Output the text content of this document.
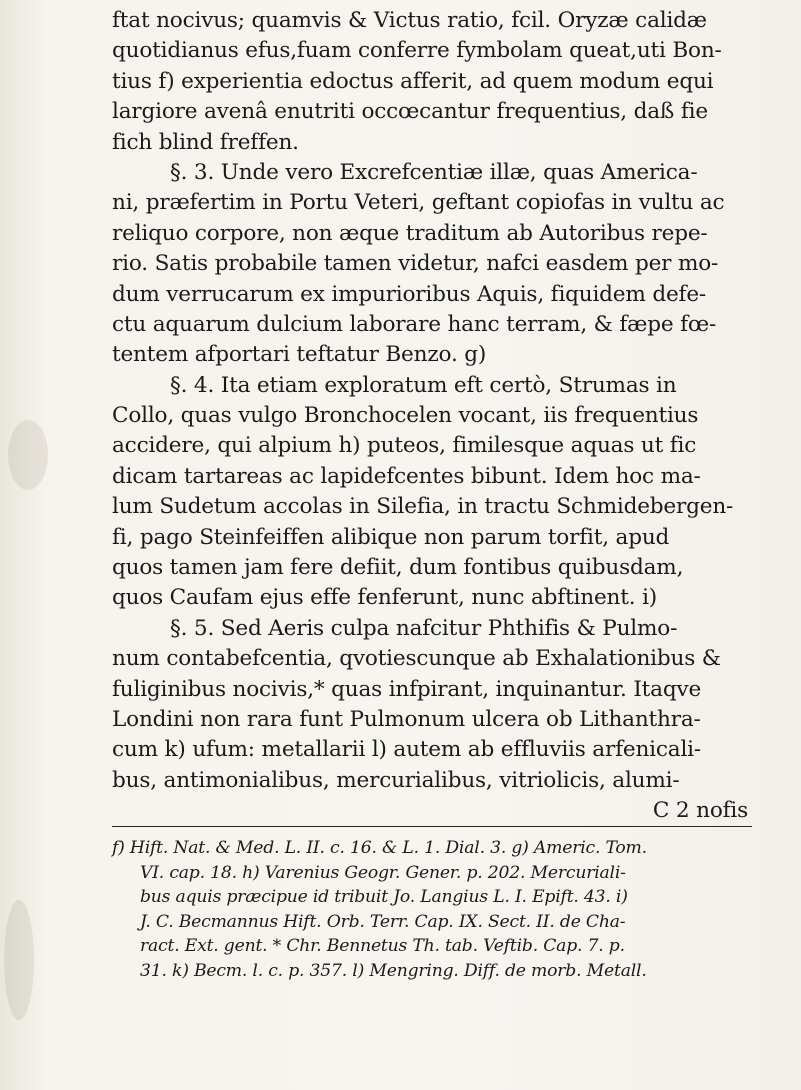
ftat nocivus; quamvis & Victus ratio, fcil. Oryzæ calidæ
quotidianus efus,fuam conferre fymbolam queat,uti Bon-
tius f) experientia edoctus afferit, ad quem modum equi
largiore avenâ enutriti occœcantur frequentius, daß fie
fich blind freffen.
§. 3. Unde vero Excrefcentiæ illæ, quas America-
ni, præfertim in Portu Veteri, geftant copiofas in vultu ac
reliquo corpore, non æque traditum ab Autoribus repe-
rio. Satis probabile tamen videtur, nafci easdem per mo-
dum verrucarum ex impurioribus Aquis, fiquidem defe-
ctu aquarum dulcium laborare hanc terram, & fæpe fœ-
tentem afportari teftatur Benzo. g)
§. 4. Ita etiam exploratum eft certò, Strumas in
Collo, quas vulgo Bronchocelen vocant, iis frequentius
accidere, qui alpium h) puteos, fimilesque aquas ut fic
dicam tartareas ac lapidefcentes bibunt. Idem hoc ma-
lum Sudetum accolas in Silefia, in tractu Schmidebergen-
fi, pago Steinfeiffen alibique non parum torfit, apud
quos tamen jam fere defiit, dum fontibus quibusdam,
quos Caufam ejus effe fenferunt, nunc abftinent. i)
§. 5. Sed Aeris culpa nafcitur Phthifis & Pulmo-
num contabefcentia, qvotiescunque ab Exhalationibus &
fuliginibus nocivis,* quas infpirant, inquinantur. Itaqve
Londini non rara funt Pulmonum ulcera ob Lithanthra-
cum k) ufum: metallarii l) autem ab effluviis arfenicali-
bus, antimonialibus, mercurialibus, vitriolicis, alumi-
C 2 nofis
f) Hift. Nat. & Med. L. II. c. 16. & L. 1. Dial. 3. g) Americ. Tom.
VI. cap. 18. h) Varenius Geogr. Gener. p. 202. Mercuriali-
bus aquis præcipue id tribuit Jo. Langius L. I. Epift. 43. i)
J. C. Becmannus Hift. Orb. Terr. Cap. IX. Sect. II. de Cha-
ract. Ext. gent. * Chr. Bennetus Th. tab. Veftib. Cap. 7. p.
31. k) Becm. l. c. p. 357. l) Mengring. Diff. de morb. Metall.
